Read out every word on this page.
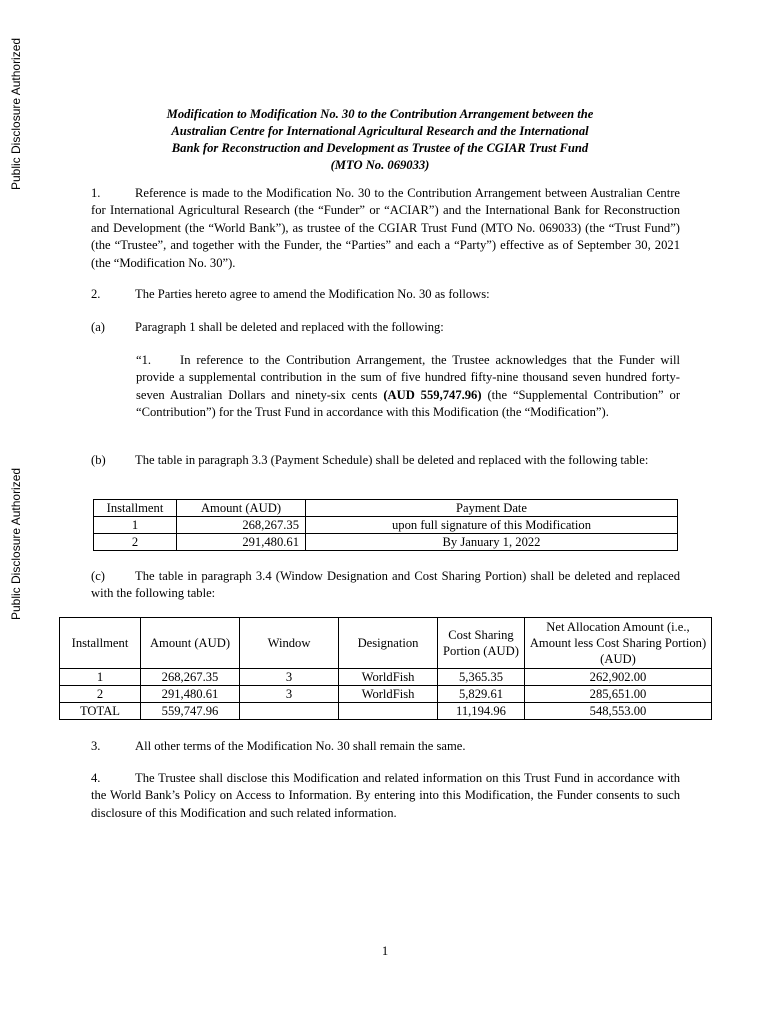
Public Disclosure Authorized
Public Disclosure Authorized
Modification to Modification No. 30 to the Contribution Arrangement between the
Australian Centre for International Agricultural Research and the International
Bank for Reconstruction and Development as Trustee of the CGIAR Trust Fund
(MTO No. 069033)
1.	Reference is made to the Modification No. 30 to the Contribution Arrangement between Australian Centre for International Agricultural Research (the “Funder” or “ACIAR”) and the International Bank for Reconstruction and Development (the “World Bank”), as trustee of the CGIAR Trust Fund (MTO No. 069033) (the “Trust Fund”) (the “Trustee”, and together with the Funder, the “Parties” and each a “Party”) effective as of September 30, 2021 (the “Modification No. 30”).
2.	The Parties hereto agree to amend the Modification No. 30 as follows:
(a) Paragraph 1 shall be deleted and replaced with the following:
“1. In reference to the Contribution Arrangement, the Trustee acknowledges that the Funder will provide a supplemental contribution in the sum of five hundred fifty-nine thousand seven hundred forty-seven Australian Dollars and ninety-six cents (AUD 559,747.96) (the “Supplemental Contribution” or “Contribution”) for the Trust Fund in accordance with this Modification (the “Modification”).
(b) The table in paragraph 3.3 (Payment Schedule) shall be deleted and replaced with the following table:
Installment	Amount (AUD)	Payment Date
1	268,267.35	upon full signature of this Modification
2	291,480.61	By January 1, 2022
(c) The table in paragraph 3.4 (Window Designation and Cost Sharing Portion) shall be deleted and replaced with the following table:
Installment	Amount (AUD)	Window	Designation	Cost Sharing Portion (AUD)	Net Allocation Amount (i.e., Amount less Cost Sharing Portion) (AUD)
1	268,267.35	3	WorldFish	5,365.35	262,902.00
2	291,480.61	3	WorldFish	5,829.61	285,651.00
TOTAL	559,747.96			11,194.96	548,553.00
3.	All other terms of the Modification No. 30 shall remain the same.
4.	The Trustee shall disclose this Modification and related information on this Trust Fund in accordance with the World Bank’s Policy on Access to Information. By entering into this Modification, the Funder consents to such disclosure of this Modification and such related information.
1
